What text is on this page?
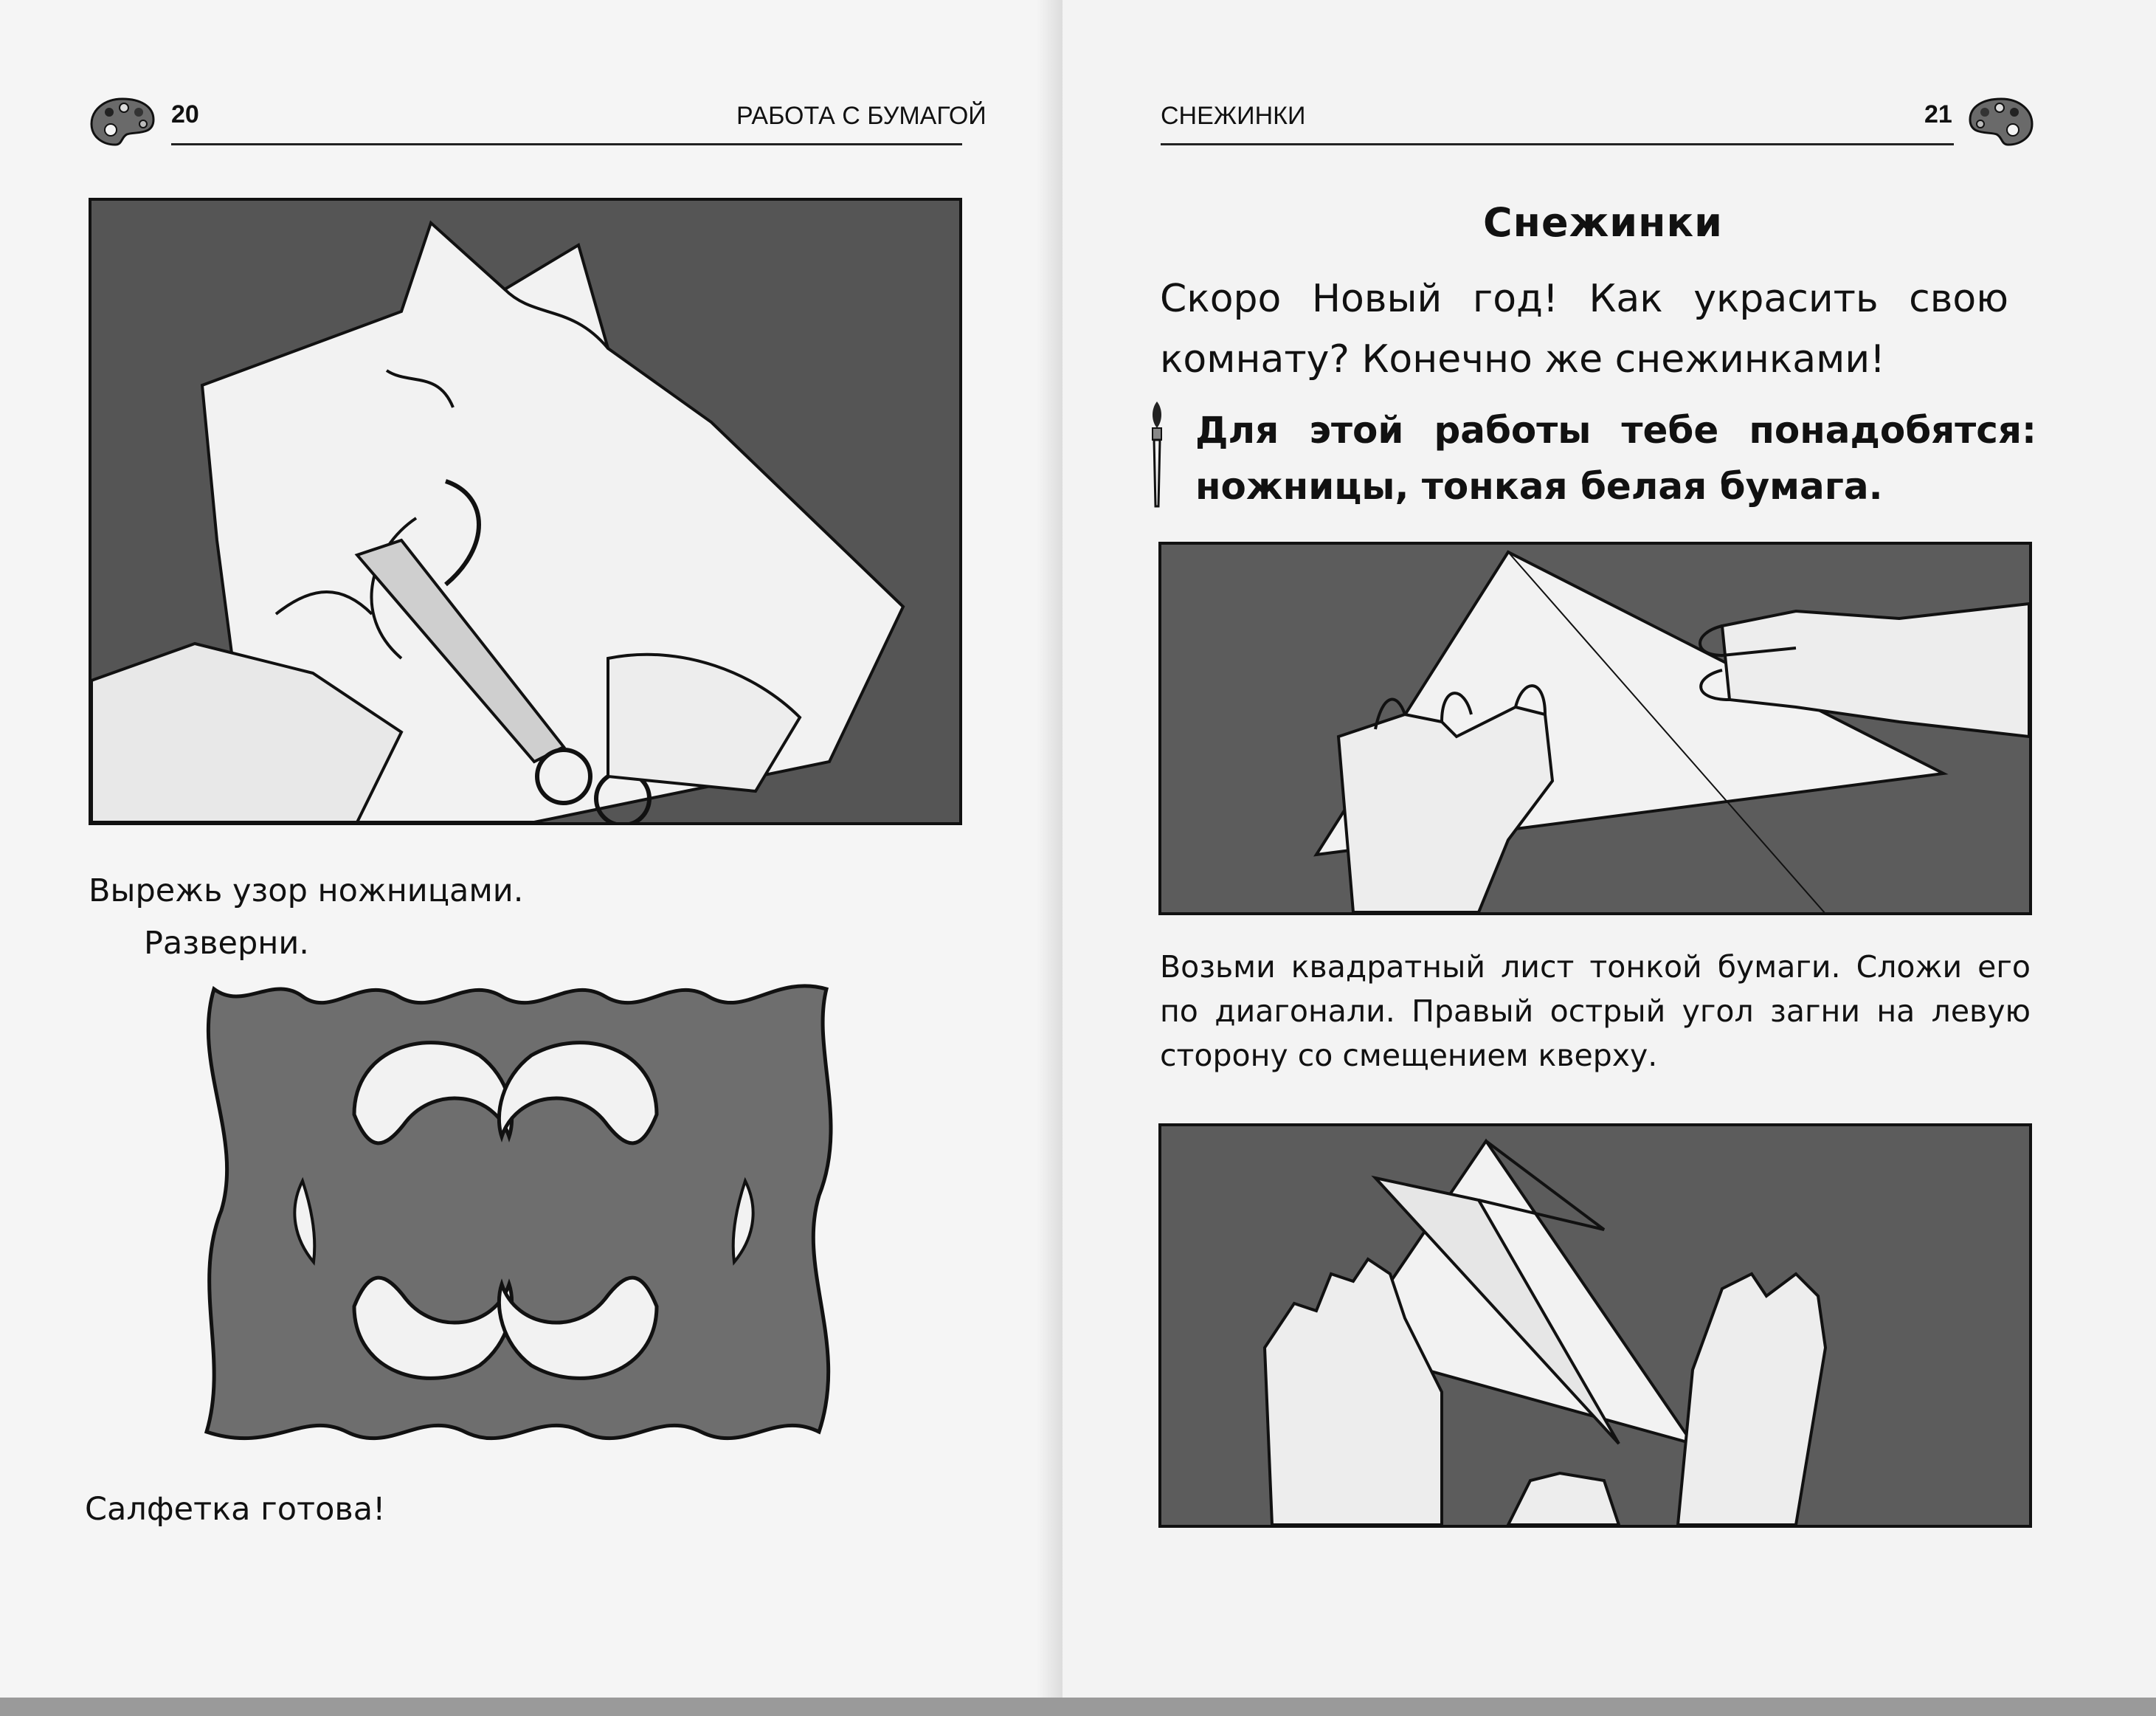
20	РАБОТА С БУМАГОЙ
Вырежь узор ножницами.
Разверни.
Салфетка готова!
СНЕЖИНКИ	21
Снежинки
Скоро Новый год! Как украсить свою комнату? Конечно же снежинками!
Для этой работы тебе понадобятся: ножницы, тонкая белая бумага.
Возьми квадратный лист тонкой бумаги. Сложи его по диагонали. Правый острый угол загни на левую сторону со смещением кверху.
